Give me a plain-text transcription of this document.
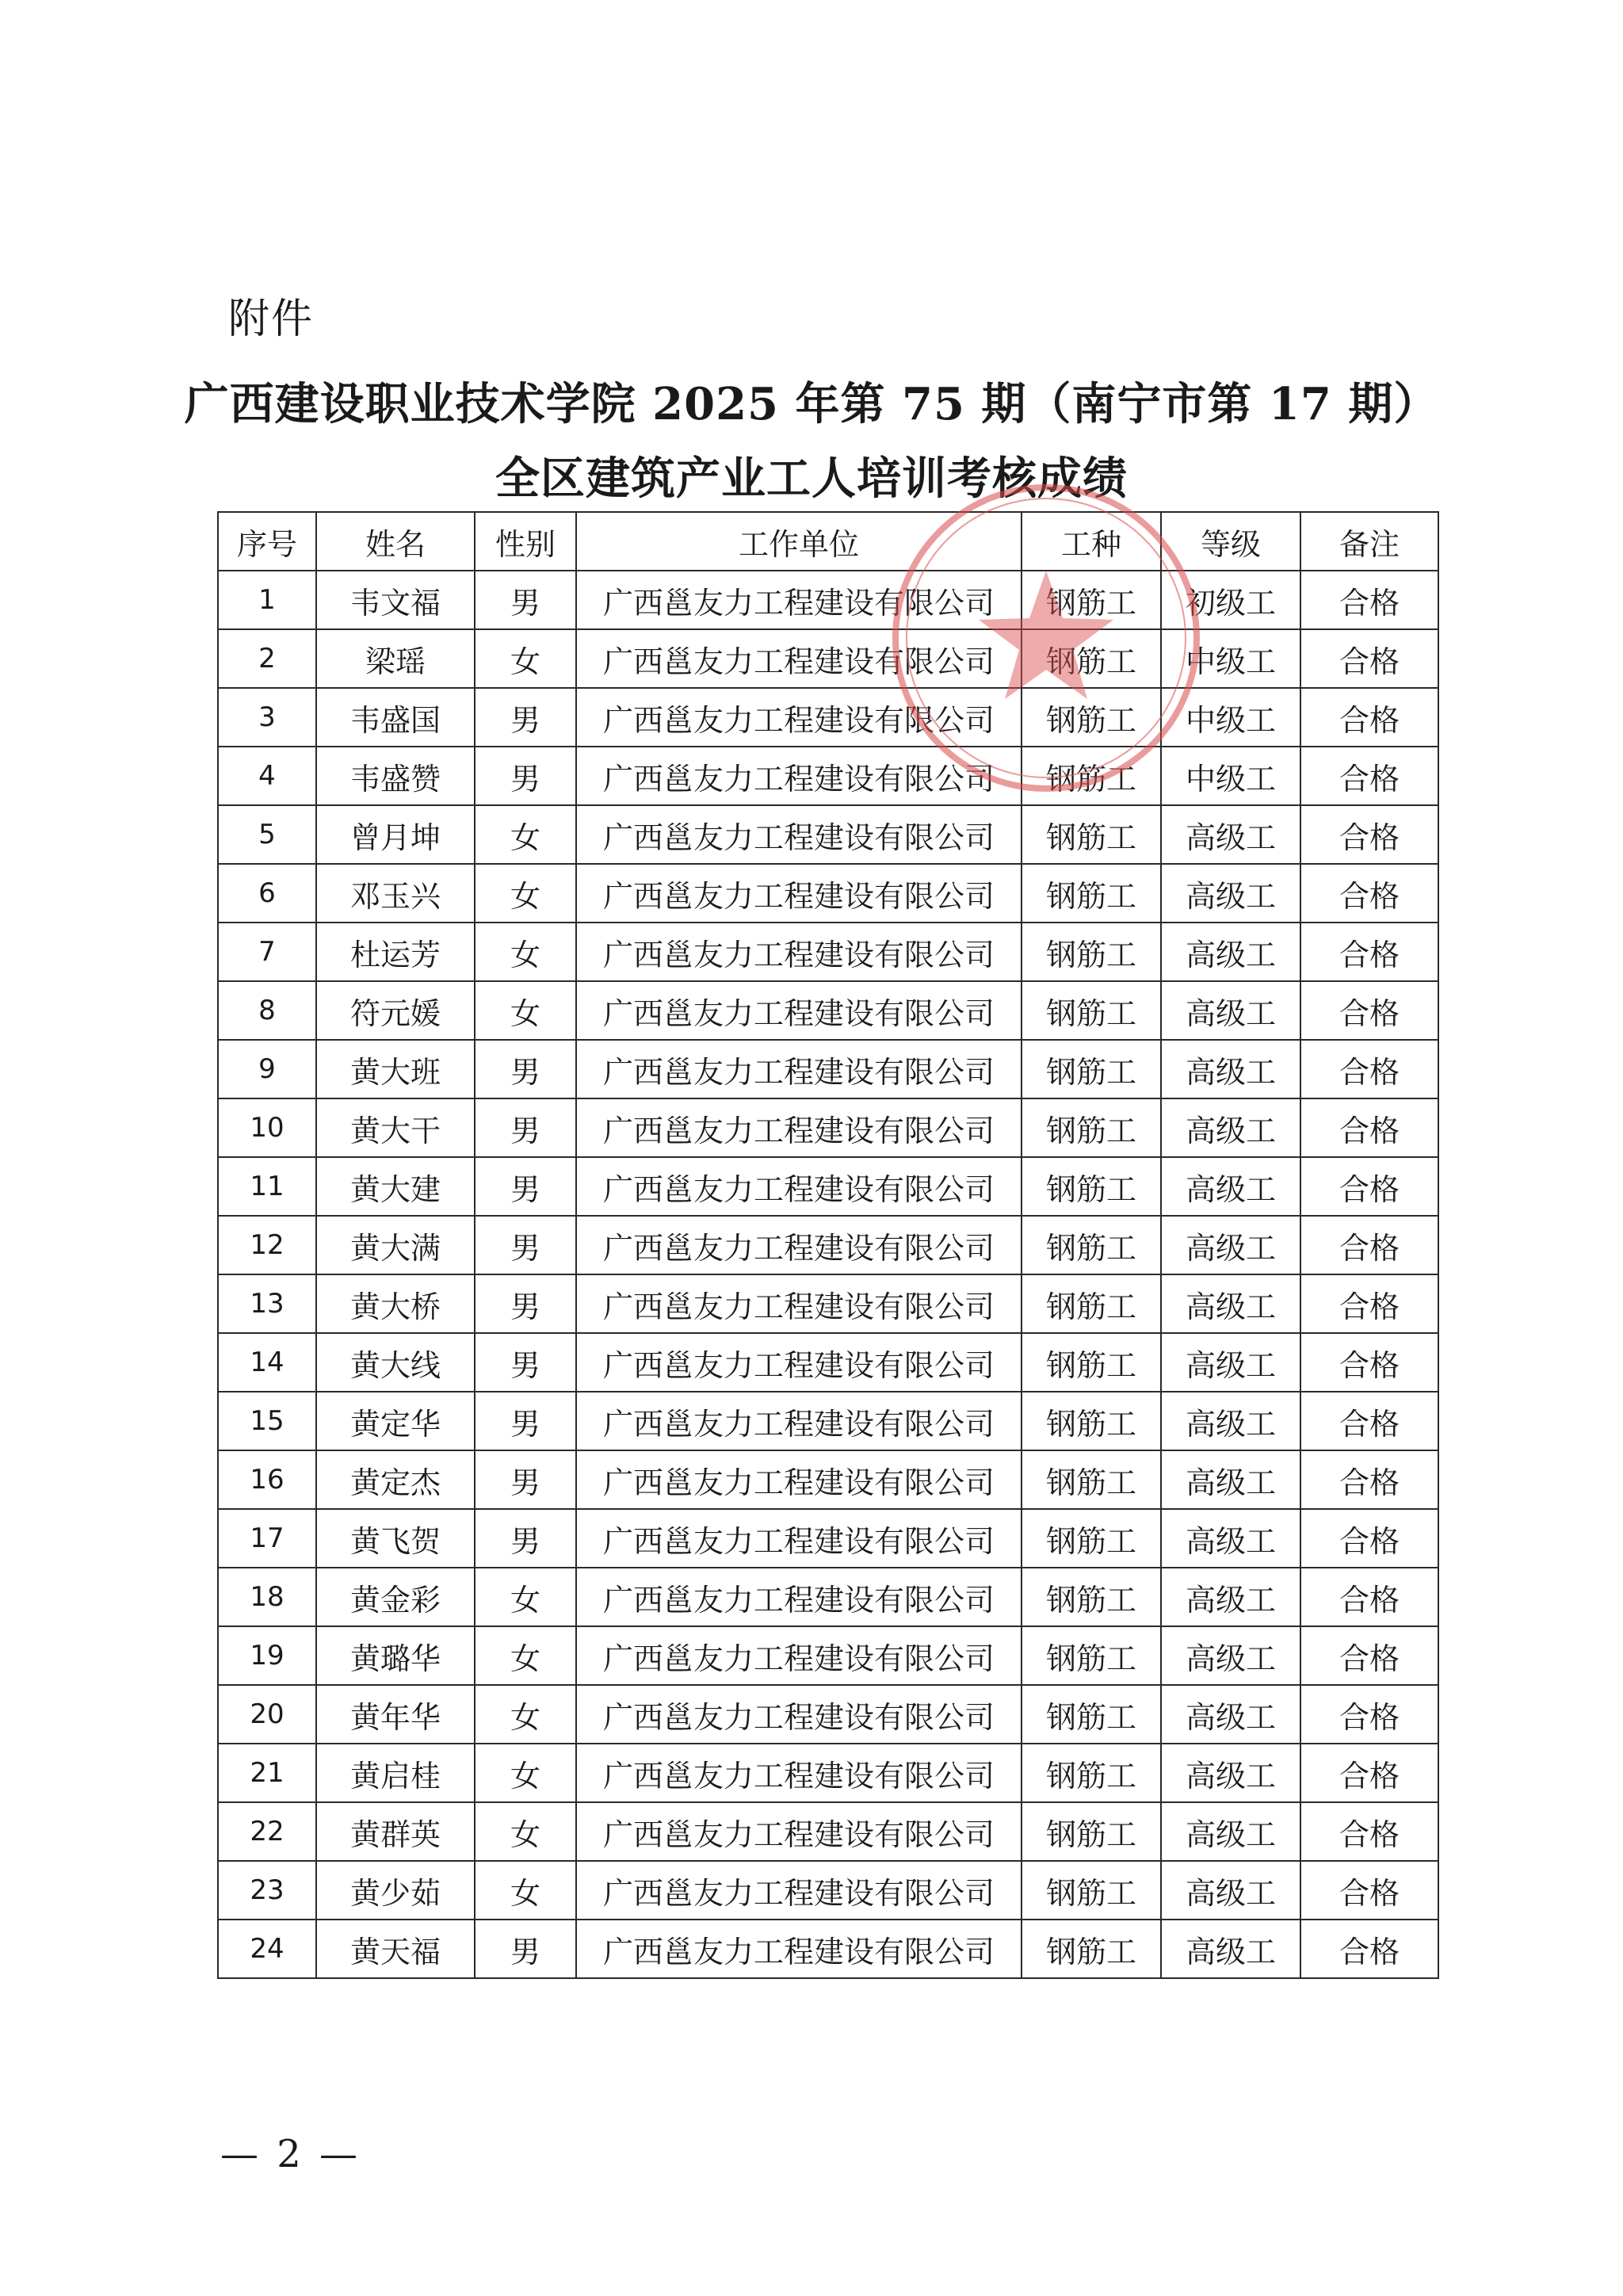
附件
广西建设职业技术学院 2025 年第 75 期（南宁市第 17 期）
全区建筑产业工人培训考核成绩
序号	姓名	性别	工作单位	工种	等级	备注
1	韦文福	男	广西邕友力工程建设有限公司	钢筋工	初级工	合格
2	梁瑶	女	广西邕友力工程建设有限公司	钢筋工	中级工	合格
3	韦盛国	男	广西邕友力工程建设有限公司	钢筋工	中级工	合格
4	韦盛赞	男	广西邕友力工程建设有限公司	钢筋工	中级工	合格
5	曾月坤	女	广西邕友力工程建设有限公司	钢筋工	高级工	合格
6	邓玉兴	女	广西邕友力工程建设有限公司	钢筋工	高级工	合格
7	杜运芳	女	广西邕友力工程建设有限公司	钢筋工	高级工	合格
8	符元媛	女	广西邕友力工程建设有限公司	钢筋工	高级工	合格
9	黄大班	男	广西邕友力工程建设有限公司	钢筋工	高级工	合格
10	黄大干	男	广西邕友力工程建设有限公司	钢筋工	高级工	合格
11	黄大建	男	广西邕友力工程建设有限公司	钢筋工	高级工	合格
12	黄大满	男	广西邕友力工程建设有限公司	钢筋工	高级工	合格
13	黄大桥	男	广西邕友力工程建设有限公司	钢筋工	高级工	合格
14	黄大线	男	广西邕友力工程建设有限公司	钢筋工	高级工	合格
15	黄定华	男	广西邕友力工程建设有限公司	钢筋工	高级工	合格
16	黄定杰	男	广西邕友力工程建设有限公司	钢筋工	高级工	合格
17	黄飞贺	男	广西邕友力工程建设有限公司	钢筋工	高级工	合格
18	黄金彩	女	广西邕友力工程建设有限公司	钢筋工	高级工	合格
19	黄璐华	女	广西邕友力工程建设有限公司	钢筋工	高级工	合格
20	黄年华	女	广西邕友力工程建设有限公司	钢筋工	高级工	合格
21	黄启桂	女	广西邕友力工程建设有限公司	钢筋工	高级工	合格
22	黄群英	女	广西邕友力工程建设有限公司	钢筋工	高级工	合格
23	黄少茹	女	广西邕友力工程建设有限公司	钢筋工	高级工	合格
24	黄天福	男	广西邕友力工程建设有限公司	钢筋工	高级工	合格
— 2 —
